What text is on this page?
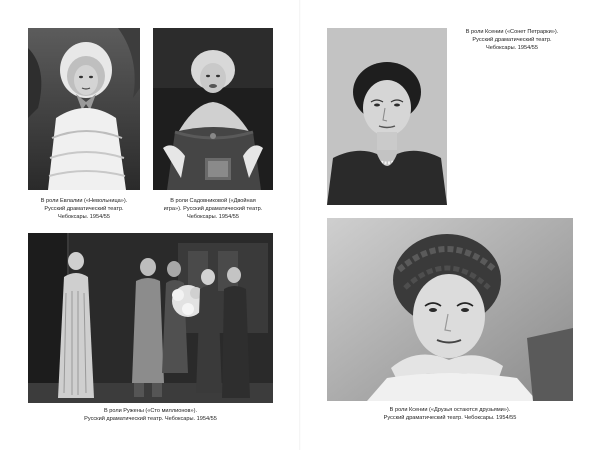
В роли Евлалии («Невольница»).
Русский драматический театр.
Чебоксары. 1954/55
В роли Садовниковой («Двойная
игра»). Русский драматический театр.
Чебоксары. 1954/55
В роли Ружены («Сто миллионов»).
Русский драматический театр. Чебоксары. 1954/55
В роли Ксении («Сонет Петрарки»).
Русский драматический театр.
Чебоксары. 1954/55
В роли Ксении («Друзья остаются друзьями»).
Русский драматический театр. Чебоксары. 1954/55
